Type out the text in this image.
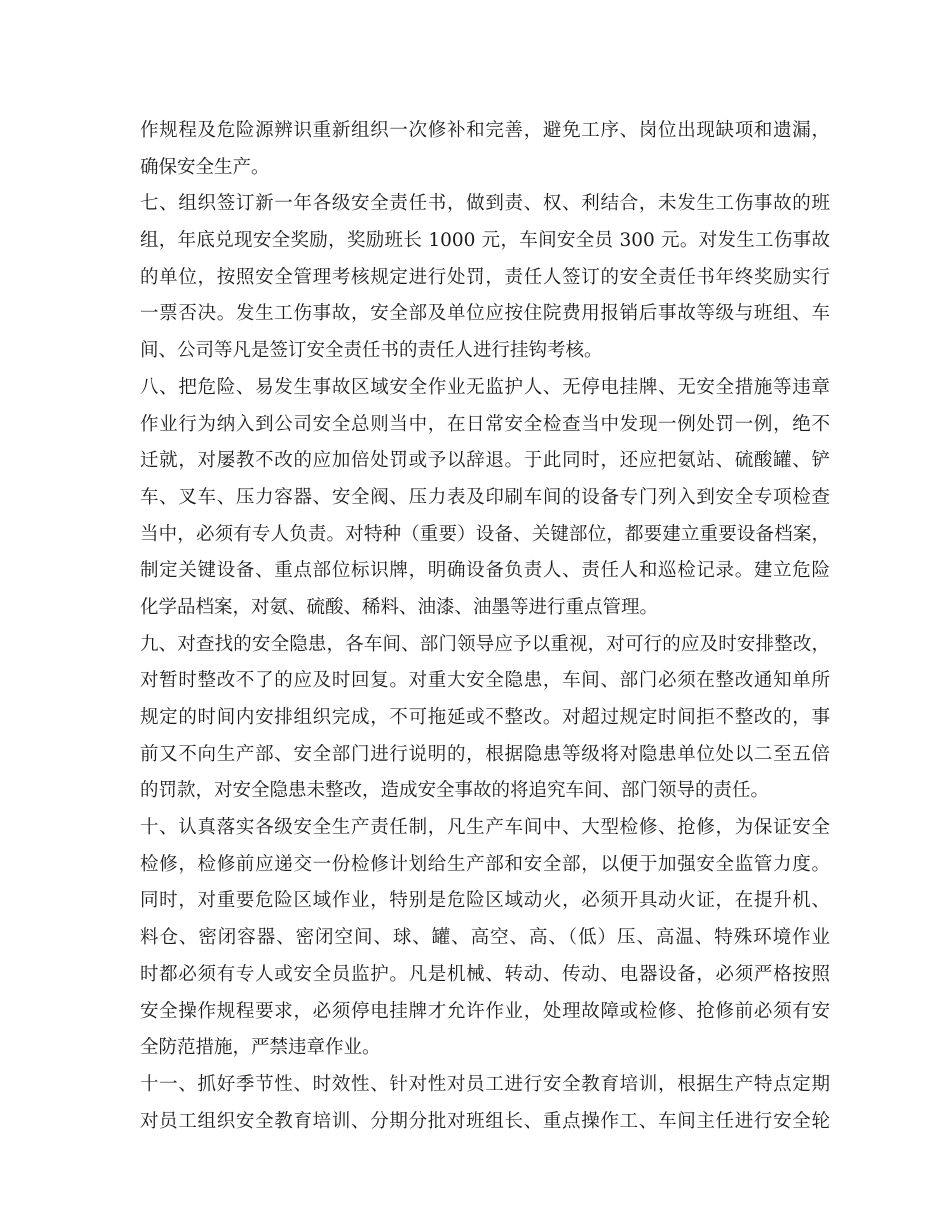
作规程及危险源辨识重新组织一次修补和完善，避免工序、岗位出现缺项和遗漏，
确保安全生产。
七、组织签订新一年各级安全责任书，做到责、权、利结合，未发生工伤事故的班
组，年底兑现安全奖励，奖励班长 1000 元，车间安全员 300 元。对发生工伤事故
的单位，按照安全管理考核规定进行处罚，责任人签订的安全责任书年终奖励实行
一票否决。发生工伤事故，安全部及单位应按住院费用报销后事故等级与班组、车
间、公司等凡是签订安全责任书的责任人进行挂钩考核。
八、把危险、易发生事故区域安全作业无监护人、无停电挂牌、无安全措施等违章
作业行为纳入到公司安全总则当中，在日常安全检查当中发现一例处罚一例，绝不
迁就，对屡教不改的应加倍处罚或予以辞退。于此同时，还应把氨站、硫酸罐、铲
车、叉车、压力容器、安全阀、压力表及印刷车间的设备专门列入到安全专项检查
当中，必须有专人负责。对特种（重要）设备、关键部位，都要建立重要设备档案，
制定关键设备、重点部位标识牌，明确设备负责人、责任人和巡检记录。建立危险
化学品档案，对氨、硫酸、稀料、油漆、油墨等进行重点管理。
九、对查找的安全隐患，各车间、部门领导应予以重视，对可行的应及时安排整改，
对暂时整改不了的应及时回复。对重大安全隐患，车间、部门必须在整改通知单所
规定的时间内安排组织完成，不可拖延或不整改。对超过规定时间拒不整改的，事
前又不向生产部、安全部门进行说明的，根据隐患等级将对隐患单位处以二至五倍
的罚款，对安全隐患未整改，造成安全事故的将追究车间、部门领导的责任。
十、认真落实各级安全生产责任制，凡生产车间中、大型检修、抢修，为保证安全
检修，检修前应递交一份检修计划给生产部和安全部，以便于加强安全监管力度。
同时，对重要危险区域作业，特别是危险区域动火，必须开具动火证，在提升机、
料仓、密闭容器、密闭空间、球、罐、高空、高、（低）压、高温、特殊环境作业
时都必须有专人或安全员监护。凡是机械、转动、传动、电器设备，必须严格按照
安全操作规程要求，必须停电挂牌才允许作业，处理故障或检修、抢修前必须有安
全防范措施，严禁违章作业。
十一、抓好季节性、时效性、针对性对员工进行安全教育培训，根据生产特点定期
对员工组织安全教育培训、分期分批对班组长、重点操作工、车间主任进行安全轮
